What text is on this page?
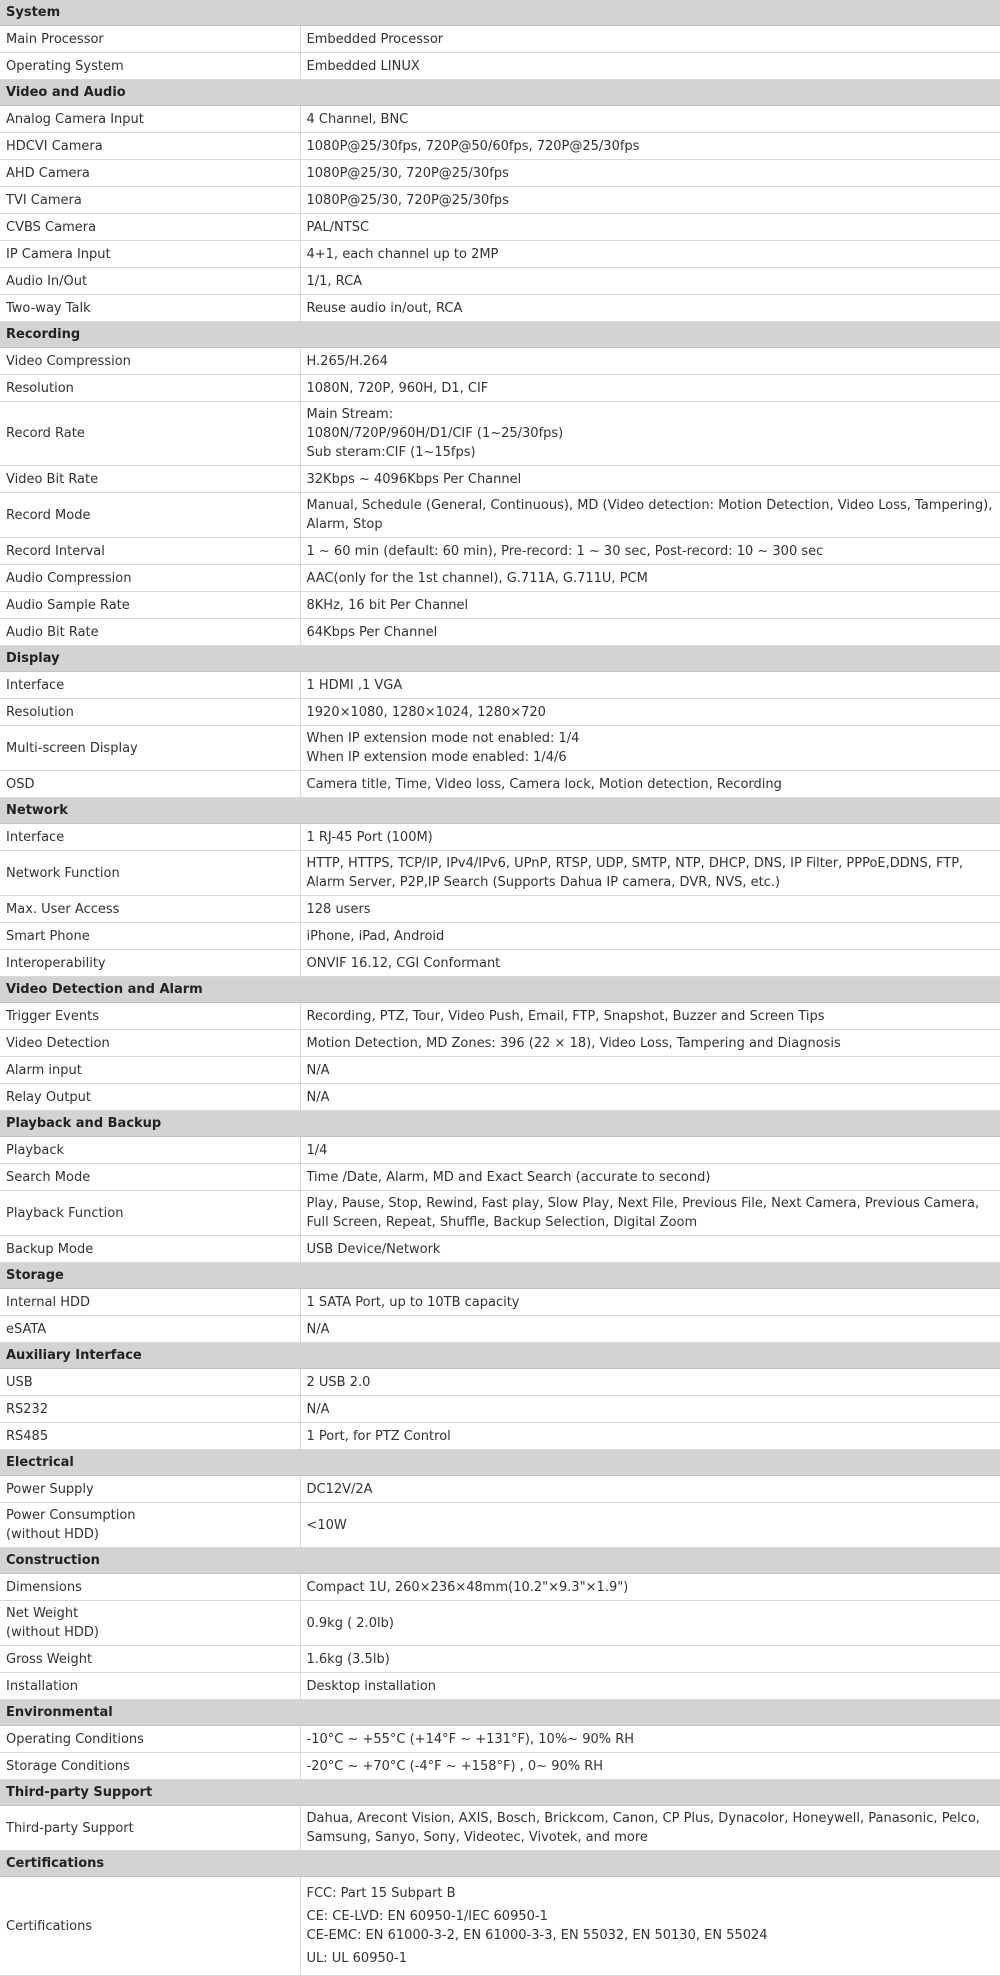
System	
Main Processor	Embedded Processor
Operating System	Embedded LINUX
Video and Audio	
Analog Camera Input	4 Channel, BNC
HDCVI Camera	1080P@25/30fps, 720P@50/60fps, 720P@25/30fps
AHD Camera	1080P@25/30, 720P@25/30fps
TVI Camera	1080P@25/30, 720P@25/30fps
CVBS Camera	PAL/NTSC
IP Camera Input	4+1, each channel up to 2MP
Audio In/Out	1/1, RCA
Two-way Talk	Reuse audio in/out, RCA
Recording	
Video Compression	H.265/H.264
Resolution	1080N, 720P, 960H, D1, CIF
Record Rate	Main Stream:
1080N/720P/960H/D1/CIF (1~25/30fps)
Sub steram:CIF (1~15fps)
Video Bit Rate	32Kbps ~ 4096Kbps Per Channel
Record Mode	Manual, Schedule (General, Continuous), MD (Video detection: Motion Detection, Video Loss, Tampering), Alarm, Stop
Record Interval	1 ~ 60 min (default: 60 min), Pre-record: 1 ~ 30 sec, Post-record: 10 ~ 300 sec
Audio Compression	AAC(only for the 1st channel), G.711A, G.711U, PCM
Audio Sample Rate	8KHz, 16 bit Per Channel
Audio Bit Rate	64Kbps Per Channel
Display	
Interface	1 HDMI ,1 VGA
Resolution	1920×1080, 1280×1024, 1280×720
Multi-screen Display	When IP extension mode not enabled: 1/4
When IP extension mode enabled: 1/4/6
OSD	Camera title, Time, Video loss, Camera lock, Motion detection, Recording
Network	
Interface	1 RJ-45 Port (100M)
Network Function	HTTP, HTTPS, TCP/IP, IPv4/IPv6, UPnP, RTSP, UDP, SMTP, NTP, DHCP, DNS, IP Filter, PPPoE,DDNS, FTP, Alarm Server, P2P,IP Search (Supports Dahua IP camera, DVR, NVS, etc.)
Max. User Access	128 users
Smart Phone	iPhone, iPad, Android
Interoperability	ONVIF 16.12, CGI Conformant
Video Detection and Alarm	
Trigger Events	Recording, PTZ, Tour, Video Push, Email, FTP, Snapshot, Buzzer and Screen Tips
Video Detection	Motion Detection, MD Zones: 396 (22 × 18), Video Loss, Tampering and Diagnosis
Alarm input	N/A
Relay Output	N/A
Playback and Backup	
Playback	1/4
Search Mode	Time /Date, Alarm, MD and Exact Search (accurate to second)
Playback Function	Play, Pause, Stop, Rewind, Fast play, Slow Play, Next File, Previous File, Next Camera, Previous Camera, Full Screen, Repeat, Shuffle, Backup Selection, Digital Zoom
Backup Mode	USB Device/Network
Storage	
Internal HDD	1 SATA Port, up to 10TB capacity
eSATA	N/A
Auxiliary Interface	
USB	2 USB 2.0
RS232	N/A
RS485	1 Port, for PTZ Control
Electrical	
Power Supply	DC12V/2A
Power Consumption
(without HDD)	<10W
Construction	
Dimensions	Compact 1U, 260×236×48mm(10.2"×9.3"×1.9")
Net Weight
(without HDD)	0.9kg ( 2.0lb)
Gross Weight	1.6kg (3.5lb)
Installation	Desktop installation
Environmental	
Operating Conditions	-10°C ~ +55°C (+14°F ~ +131°F), 10%~ 90% RH
Storage Conditions	-20°C ~ +70°C (-4°F ~ +158°F) , 0~ 90% RH
Third-party Support	
Third-party Support	Dahua, Arecont Vision, AXIS, Bosch, Brickcom, Canon, CP Plus, Dynacolor, Honeywell, Panasonic, Pelco, Samsung, Sanyo, Sony, Videotec, Vivotek, and more
Certifications	
Certifications	FCC: Part 15 Subpart B

CE: CE-LVD: EN 60950-1/IEC 60950-1
CE-EMC: EN 61000-3-2, EN 61000-3-3, EN 55032, EN 50130, EN 55024

UL: UL 60950-1
